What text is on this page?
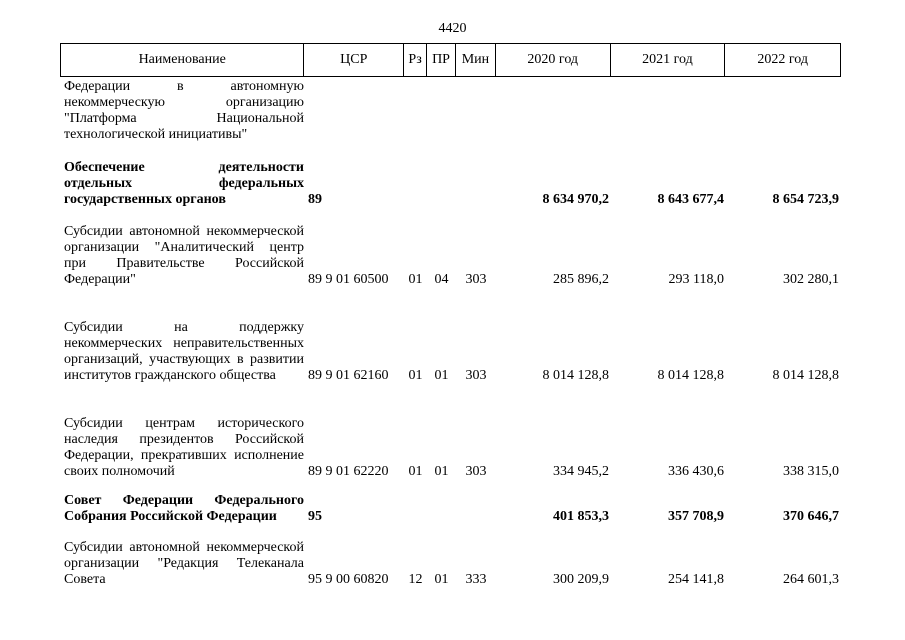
4420
Наименование	ЦСР	Рз ПР Мин	2020 год	2021 год	2022 год
Федерации в автономную некоммерческую организацию "Платформа Национальной технологической инициативы"
Обеспечение деятельности отдельных федеральных государственных органов	89	8 634 970,2	8 643 677,4	8 654 723,9
Субсидии автономной некоммерческой организации "Аналитический центр при Правительстве Российской Федерации"	89 9 01 60500	01 04	303	285 896,2	293 118,0	302 280,1
Субсидии на поддержку некоммерческих неправительственных организаций, участвующих в развитии институтов гражданского общества	89 9 01 62160	01 01	303	8 014 128,8	8 014 128,8	8 014 128,8
Субсидии центрам исторического наследия президентов Российской Федерации, прекративших исполнение своих полномочий	89 9 01 62220	01 01	303	334 945,2	336 430,6	338 315,0
Совет Федерации Федерального Собрания Российской Федерации	95	401 853,3	357 708,9	370 646,7
Субсидии автономной некоммерческой организации "Редакция Телеканала Совета	95 9 00 60820	12 01	333	300 209,9	254 141,8	264 601,3
